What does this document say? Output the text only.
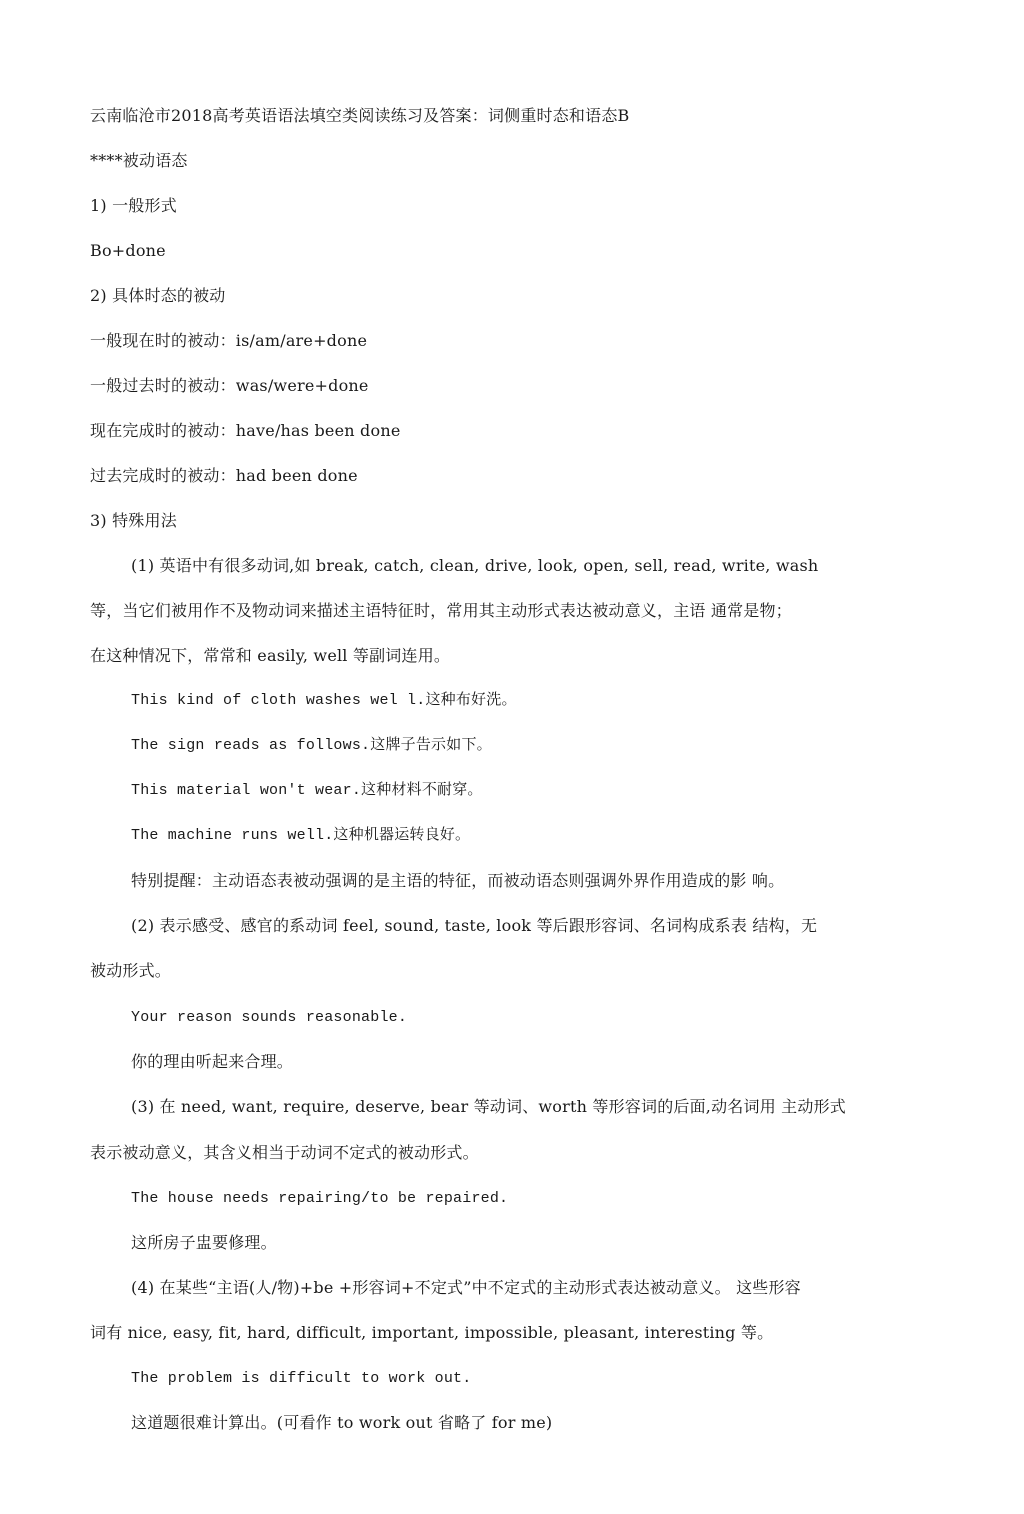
云南临沧市2018高考英语语法填空类阅读练习及答案：词侧重时态和语态B
****被动语态
1) 一般形式
Bo+done
2) 具体时态的被动
一般现在时的被动：is/am/are+done
一般过去时的被动：was/were+done
现在完成时的被动：have/has been done
过去完成时的被动：had been done
3) 特殊用法
(1) 英语中有很多动词,如 break, catch, clean, drive, look, open, sell, read, write, wash
等，当它们被用作不及物动词来描述主语特征时，常用其主动形式表达被动意义，主语 通常是物；
在这种情况下，常常和 easily, well 等副词连用。
This kind of cloth washes wel l.这种布好洗。
The sign reads as follows.这牌子告示如下。
This material won't wear.这种材料不耐穿。
The machine runs well.这种机器运转良好。
特别提醒：主动语态表被动强调的是主语的特征，而被动语态则强调外界作用造成的影 响。
(2) 表示感受、感官的系动词 feel, sound, taste, look 等后跟形容词、名词构成系表 结构，无
被动形式。
Your reason sounds reasonable.
你的理由听起来合理。
(3) 在 need, want, require, deserve, bear 等动词、worth 等形容词的后面,动名词用 主动形式
表示被动意义，其含义相当于动词不定式的被动形式。
The house needs repairing/to be repaired.
这所房子盅要修理。
(4) 在某些“主语(人/物)+be +形容词+不定式”中不定式的主动形式表达被动意义。 这些形容
词有 nice, easy, fit, hard, difficult, important, impossible, pleasant, interesting 等。
The problem is difficult to work out.
这道题很难计算出。(可看作 to work out 省略了 for me)
